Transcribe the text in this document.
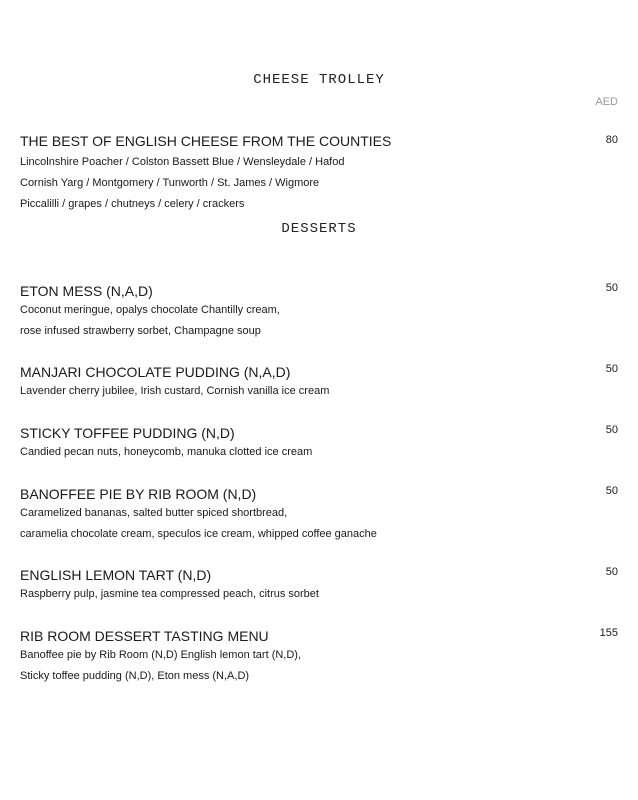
CHEESE TROLLEY
AED
THE BEST OF ENGLISH CHEESE FROM THE COUNTIES	80
Lincolnshire Poacher / Colston Bassett Blue / Wensleydale / Hafod
Cornish Yarg / Montgomery / Tunworth / St. James / Wigmore
Piccalilli / grapes / chutneys / celery / crackers
DESSERTS
ETON MESS (N,A,D)	50
Coconut meringue, opalys chocolate Chantilly cream,
rose infused strawberry sorbet, Champagne soup
MANJARI CHOCOLATE PUDDING (N,A,D)	50
Lavender cherry jubilee, Irish custard, Cornish vanilla ice cream
STICKY TOFFEE PUDDING (N,D)	50
Candied pecan nuts, honeycomb, manuka clotted ice cream
BANOFFEE PIE BY RIB ROOM (N,D)	50
Caramelized bananas, salted butter spiced shortbread,
caramelia chocolate cream, speculos ice cream, whipped coffee ganache
ENGLISH LEMON TART (N,D)	50
Raspberry pulp, jasmine tea compressed peach, citrus sorbet
RIB ROOM DESSERT TASTING MENU	155
Banoffee pie by Rib Room (N,D) English lemon tart (N,D),
Sticky toffee pudding (N,D), Eton mess (N,A,D)
